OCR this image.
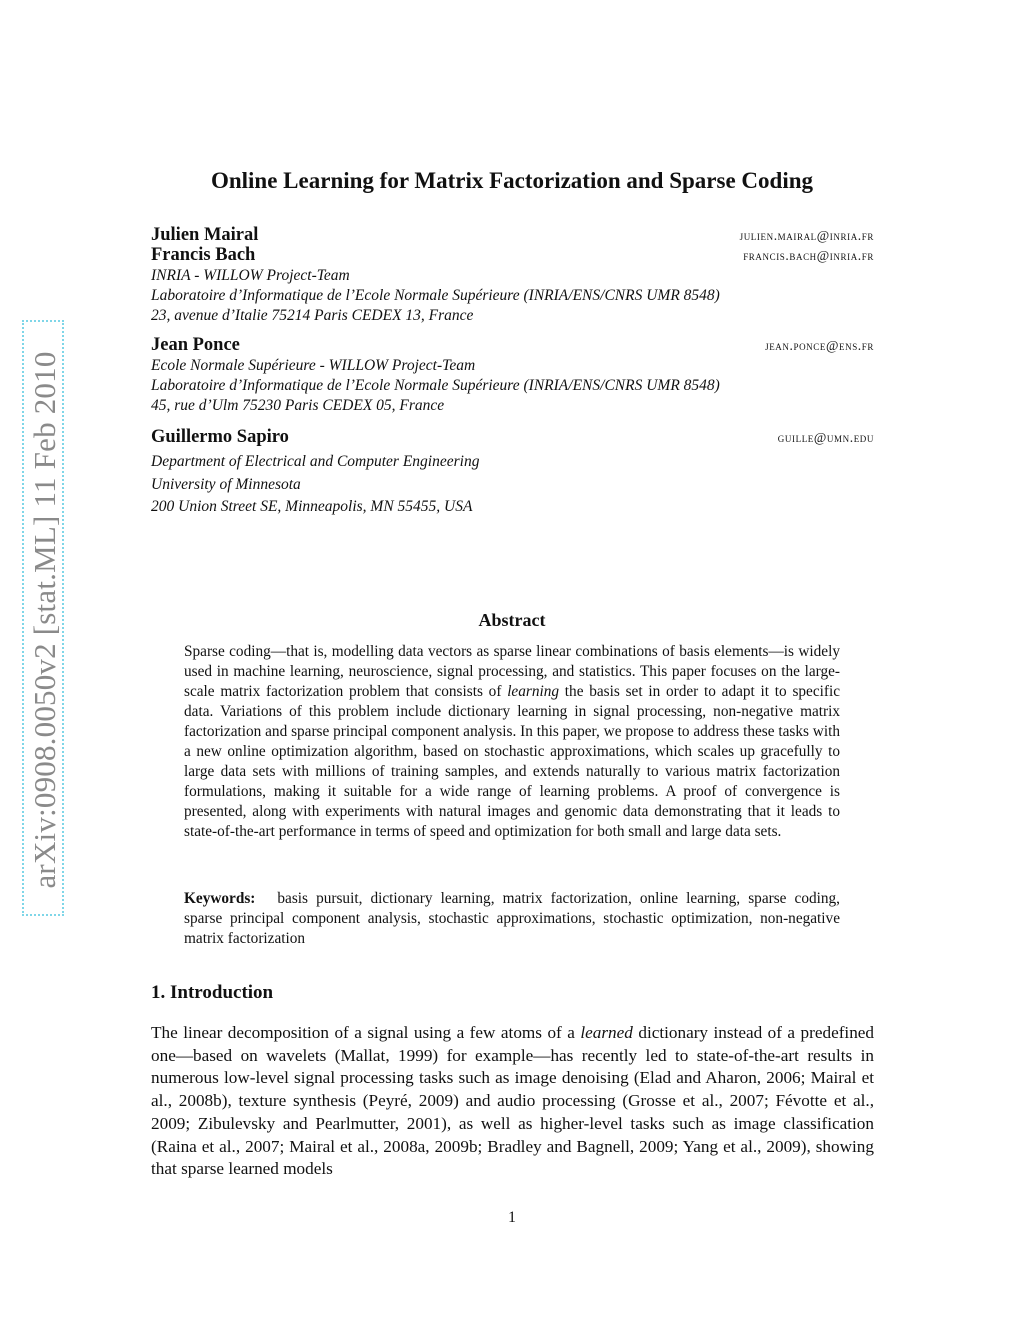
arXiv:0908.0050v2 [stat.ML] 11 Feb 2010
Online Learning for Matrix Factorization and Sparse Coding
Julien Mairal	julien.mairal@inria.fr
Francis Bach	francis.bach@inria.fr
INRIA - WILLOW Project-Team
Laboratoire d’Informatique de l’Ecole Normale Supérieure (INRIA/ENS/CNRS UMR 8548)
23, avenue d’Italie 75214 Paris CEDEX 13, France
Jean Ponce	jean.ponce@ens.fr
Ecole Normale Supérieure - WILLOW Project-Team
Laboratoire d’Informatique de l’Ecole Normale Supérieure (INRIA/ENS/CNRS UMR 8548)
45, rue d’Ulm 75230 Paris CEDEX 05, France
Guillermo Sapiro	guille@umn.edu
Department of Electrical and Computer Engineering
University of Minnesota
200 Union Street SE, Minneapolis, MN 55455, USA
Abstract
Sparse coding—that is, modelling data vectors as sparse linear combinations of basis elements—is widely used in machine learning, neuroscience, signal processing, and statistics. This paper focuses on the large-scale matrix factorization problem that consists of learning the basis set in order to adapt it to specific data. Variations of this problem include dictionary learning in signal processing, non-negative matrix factorization and sparse principal component analysis. In this paper, we propose to address these tasks with a new online optimization algorithm, based on stochastic approximations, which scales up gracefully to large data sets with millions of training samples, and extends naturally to various matrix factorization formulations, making it suitable for a wide range of learning problems. A proof of convergence is presented, along with experiments with natural images and genomic data demonstrating that it leads to state-of-the-art performance in terms of speed and optimization for both small and large data sets.
Keywords: basis pursuit, dictionary learning, matrix factorization, online learning, sparse coding, sparse principal component analysis, stochastic approximations, stochastic optimization, non-negative matrix factorization
1. Introduction
The linear decomposition of a signal using a few atoms of a learned dictionary instead of a predefined one—based on wavelets (Mallat, 1999) for example—has recently led to state-of-the-art results in numerous low-level signal processing tasks such as image denoising (Elad and Aharon, 2006; Mairal et al., 2008b), texture synthesis (Peyré, 2009) and audio processing (Grosse et al., 2007; Févotte et al., 2009; Zibulevsky and Pearlmutter, 2001), as well as higher-level tasks such as image classification (Raina et al., 2007; Mairal et al., 2008a, 2009b; Bradley and Bagnell, 2009; Yang et al., 2009), showing that sparse learned models
1
